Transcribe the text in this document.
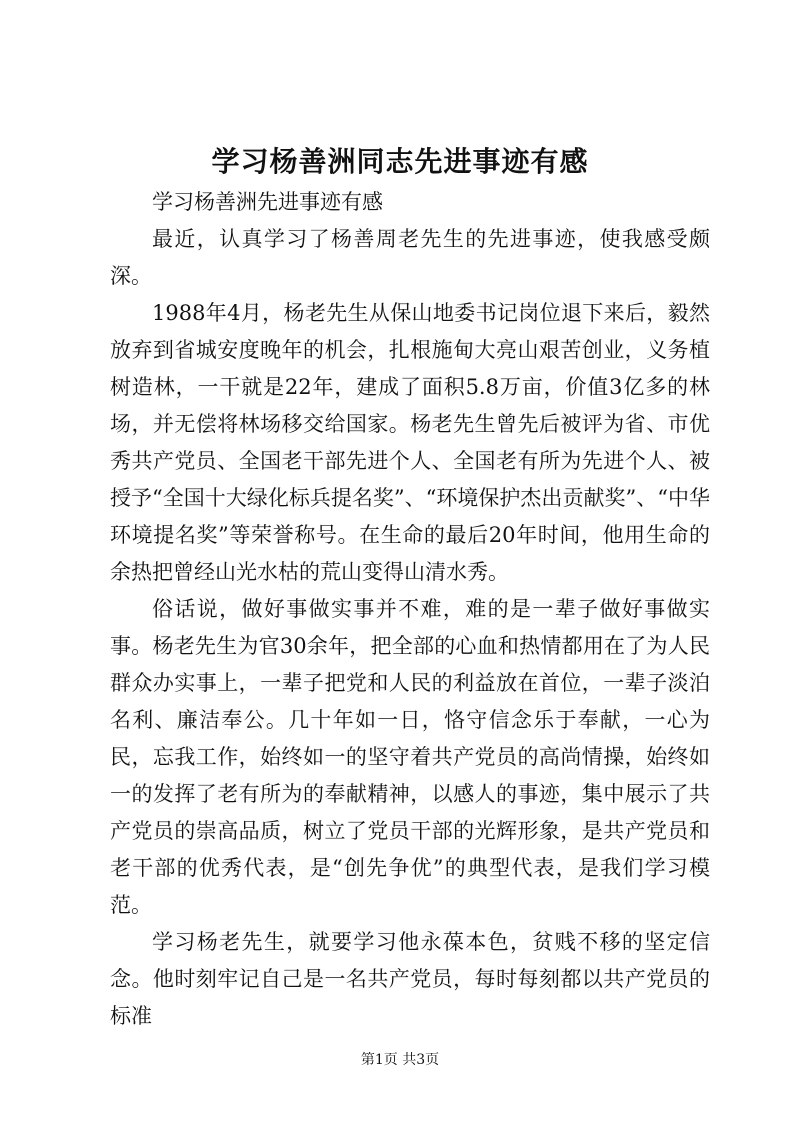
学习杨善洲同志先进事迹有感

学习杨善洲先进事迹有感

最近，认真学习了杨善周老先生的先进事迹，使我感受颇深。

1988年4月，杨老先生从保山地委书记岗位退下来后，毅然放弃到省城安度晚年的机会，扎根施甸大亮山艰苦创业，义务植树造林，一干就是22年，建成了面积5.8万亩，价值3亿多的林场，并无偿将林场移交给国家。杨老先生曾先后被评为省、市优秀共产党员、全国老干部先进个人、全国老有所为先进个人、被授予“全国十大绿化标兵提名奖”、“环境保护杰出贡献奖”、“中华环境提名奖”等荣誉称号。在生命的最后20年时间，他用生命的余热把曾经山光水枯的荒山变得山清水秀。

俗话说，做好事做实事并不难，难的是一辈子做好事做实事。杨老先生为官30余年，把全部的心血和热情都用在了为人民群众办实事上，一辈子把党和人民的利益放在首位，一辈子淡泊名利、廉洁奉公。几十年如一日，恪守信念乐于奉献，一心为民，忘我工作，始终如一的坚守着共产党员的高尚情操，始终如一的发挥了老有所为的奉献精神，以感人的事迹，集中展示了共产党员的崇高品质，树立了党员干部的光辉形象，是共产党员和老干部的优秀代表，是“创先争优”的典型代表，是我们学习模范。

学习杨老先生，就要学习他永葆本色，贫贱不移的坚定信念。他时刻牢记自己是一名共产党员，每时每刻都以共产党员的标准

第1页 共3页
